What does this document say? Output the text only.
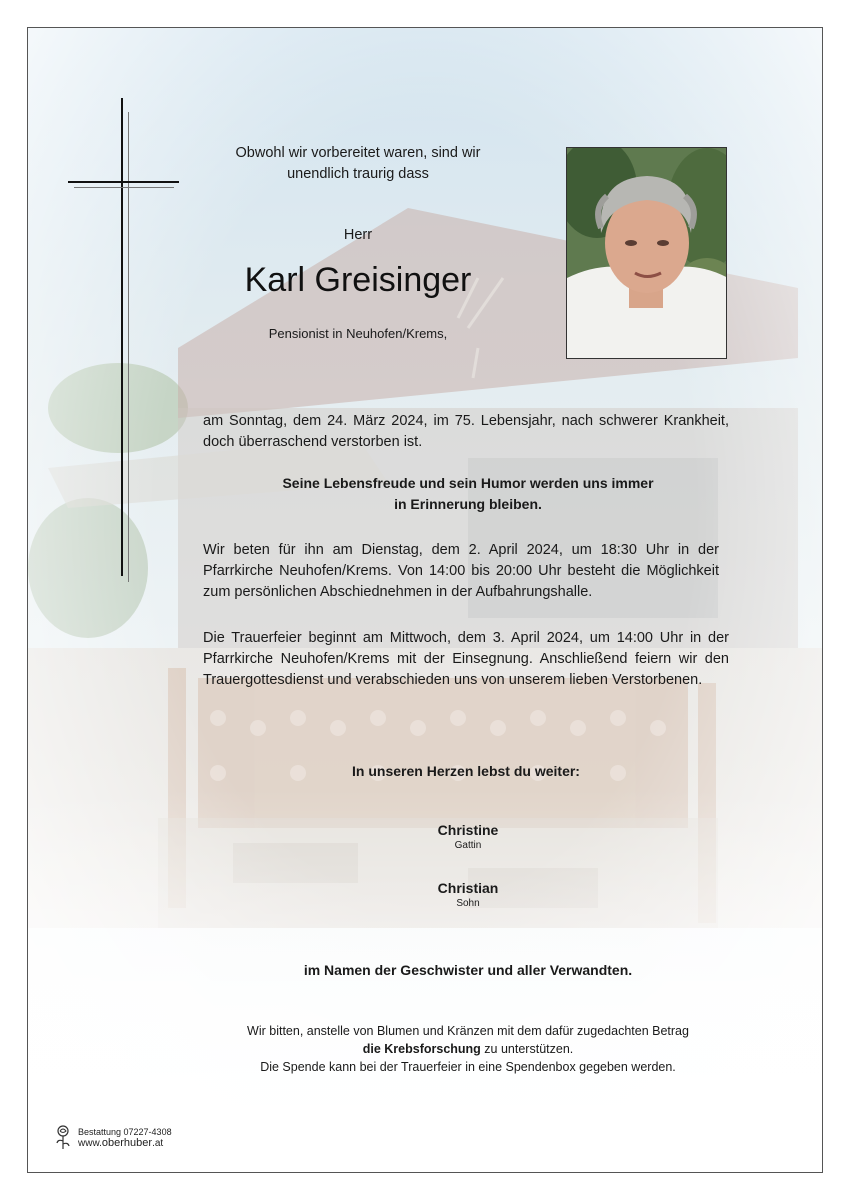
Obwohl wir vorbereitet waren, sind wir
unendlich traurig dass
Herr
Karl Greisinger
Pensionist in Neuhofen/Krems,
am Sonntag, dem 24. März 2024, im 75. Lebensjahr, nach schwerer Krankheit, doch überraschend verstorben ist.
Seine Lebensfreude und sein Humor werden uns immer
in Erinnerung bleiben.
Wir beten für ihn am Dienstag, dem 2. April 2024, um 18:30 Uhr in der Pfarrkirche Neuhofen/Krems. Von 14:00 bis 20:00 Uhr besteht die Möglichkeit zum persönlichen Abschiednehmen in der Aufbahrungshalle.
Die Trauerfeier beginnt am Mittwoch, dem 3. April 2024, um 14:00 Uhr in der Pfarrkirche Neuhofen/Krems mit der Einsegnung. Anschließend feiern wir den Trauergottesdienst und verabschieden uns von unserem lieben Verstorbenen.
In unseren Herzen lebst du weiter:
Christine
Gattin
Christian
Sohn
im Namen der Geschwister und aller Verwandten.
Wir bitten, anstelle von Blumen und Kränzen mit dem dafür zugedachten Betrag
die Krebsforschung zu unterstützen.
Die Spende kann bei der Trauerfeier in eine Spendenbox gegeben werden.
Bestattung 07227-4308
www.oberhuber.at
